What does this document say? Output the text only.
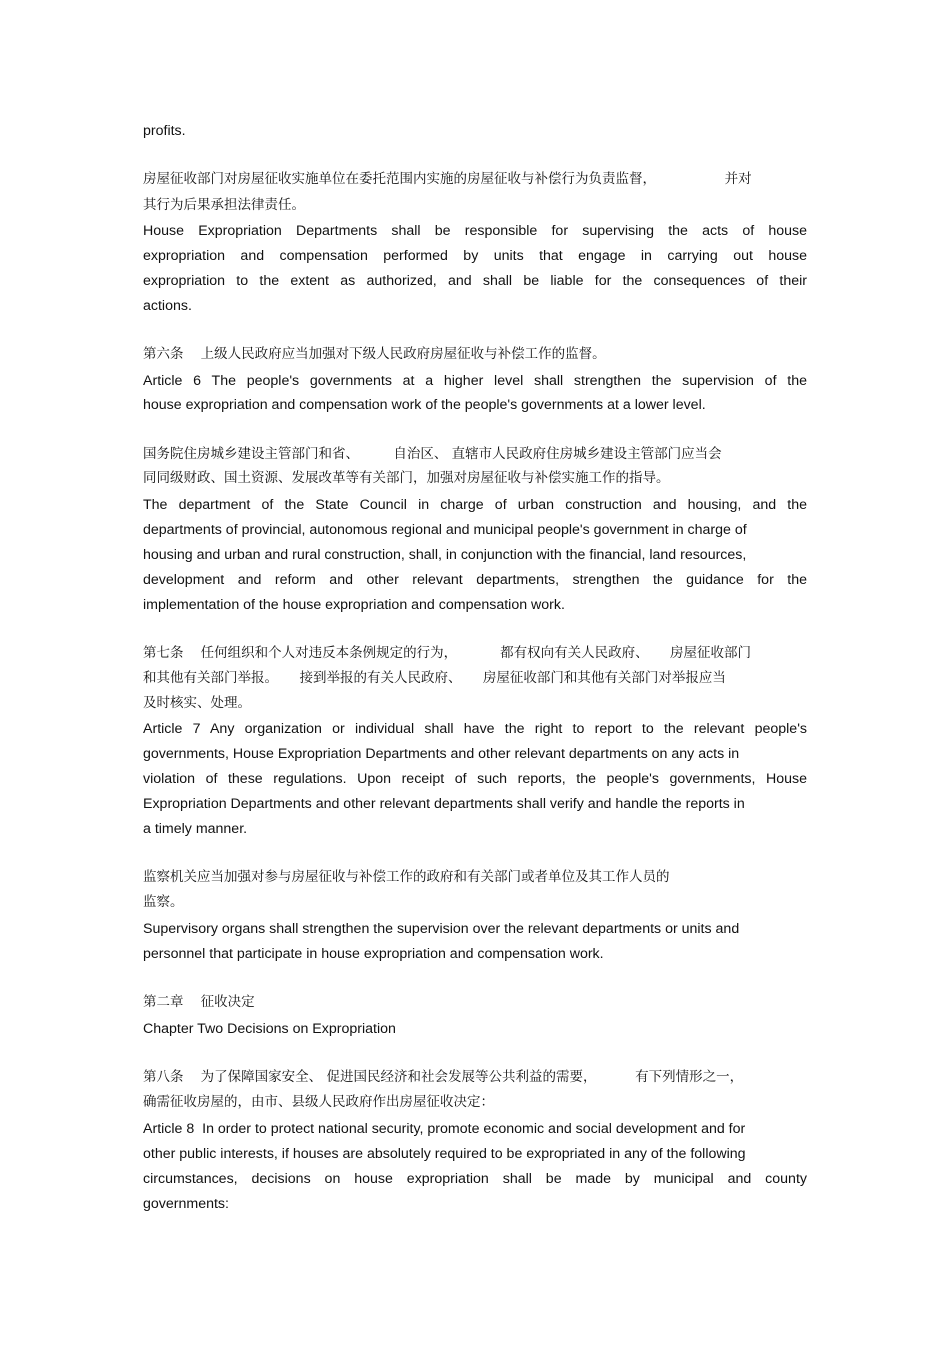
profits.
房屋征收部门对房屋征收实施单位在委托范围内实施的房屋征收与补偿行为负责监督，                并对
其行为后果承担法律责任。
House Expropriation Departments shall be responsible for supervising the acts of house
expropriation and compensation performed by units that engage in carrying out house
expropriation to the extent as authorized, and shall be liable for the consequences of their
actions.
第六条    上级人民政府应当加强对下级人民政府房屋征收与补偿工作的监督。
Article 6 The people's governments at a higher level shall strengthen the supervision of the
house expropriation and compensation work of the people's governments at a lower level.
国务院住房城乡建设主管部门和省、        自治区、 直辖市人民政府住房城乡建设主管部门应当会
同同级财政、国土资源、发展改革等有关部门，加强对房屋征收与补偿实施工作的指导。
The department of the State Council in charge of urban construction and housing, and the
departments of provincial, autonomous regional and municipal people's government in charge of
housing and urban and rural construction, shall, in conjunction with the financial, land resources,
development and reform and other relevant departments, strengthen the guidance for the
implementation of the house expropriation and compensation work.
第七条    任何组织和个人对违反本条例规定的行为，          都有权向有关人民政府、     房屋征收部门
和其他有关部门举报。     接到举报的有关人民政府、     房屋征收部门和其他有关部门对举报应当
及时核实、处理。
Article 7 Any organization or individual shall have the right to report to the relevant people's
governments, House Expropriation Departments and other relevant departments on any acts in
violation of these regulations. Upon receipt of such reports, the people's governments, House
Expropriation Departments and other relevant departments shall verify and handle the reports in
a timely manner.
监察机关应当加强对参与房屋征收与补偿工作的政府和有关部门或者单位及其工作人员的
监察。
Supervisory organs shall strengthen the supervision over the relevant departments or units and
personnel that participate in house expropriation and compensation work.
第二章    征收决定
Chapter Two Decisions on Expropriation
第八条    为了保障国家安全、 促进国民经济和社会发展等公共利益的需要，         有下列情形之一，
确需征收房屋的，由市、县级人民政府作出房屋征收决定：
Article 8  In order to protect national security, promote economic and social development and for
other public interests, if houses are absolutely required to be expropriated in any of the following
circumstances, decisions on house expropriation shall be made by municipal and county
governments:
